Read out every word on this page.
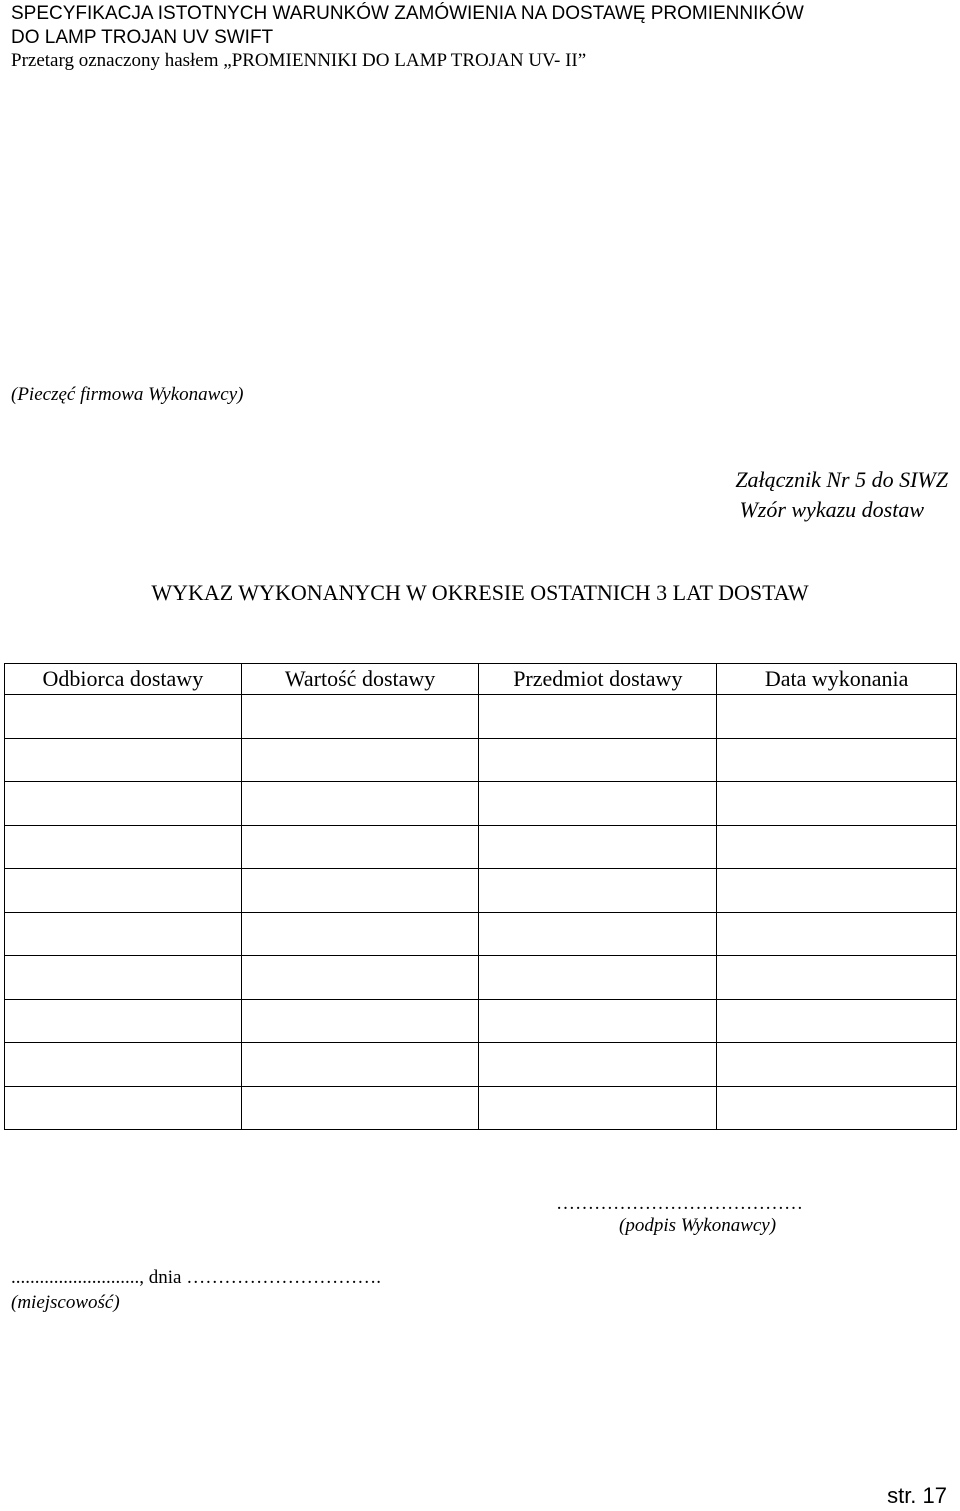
SPECYFIKACJA ISTOTNYCH WARUNKÓW ZAMÓWIENIA NA DOSTAWĘ PROMIENNIKÓW
DO LAMP TROJAN UV SWIFT
Przetarg oznaczony hasłem „PROMIENNIKI DO LAMP TROJAN UV- II”
(Pieczęć firmowa Wykonawcy)
Załącznik Nr 5 do SIWZ
Wzór wykazu dostaw
WYKAZ WYKONANYCH W OKRESIE OSTATNICH 3 LAT DOSTAW
Odbiorca dostawy	Wartość dostawy	Przedmiot dostawy	Data wykonania

…………………………………
(podpis Wykonawcy)
..........................., dnia ………………………….
(miejscowość)
str. 17
